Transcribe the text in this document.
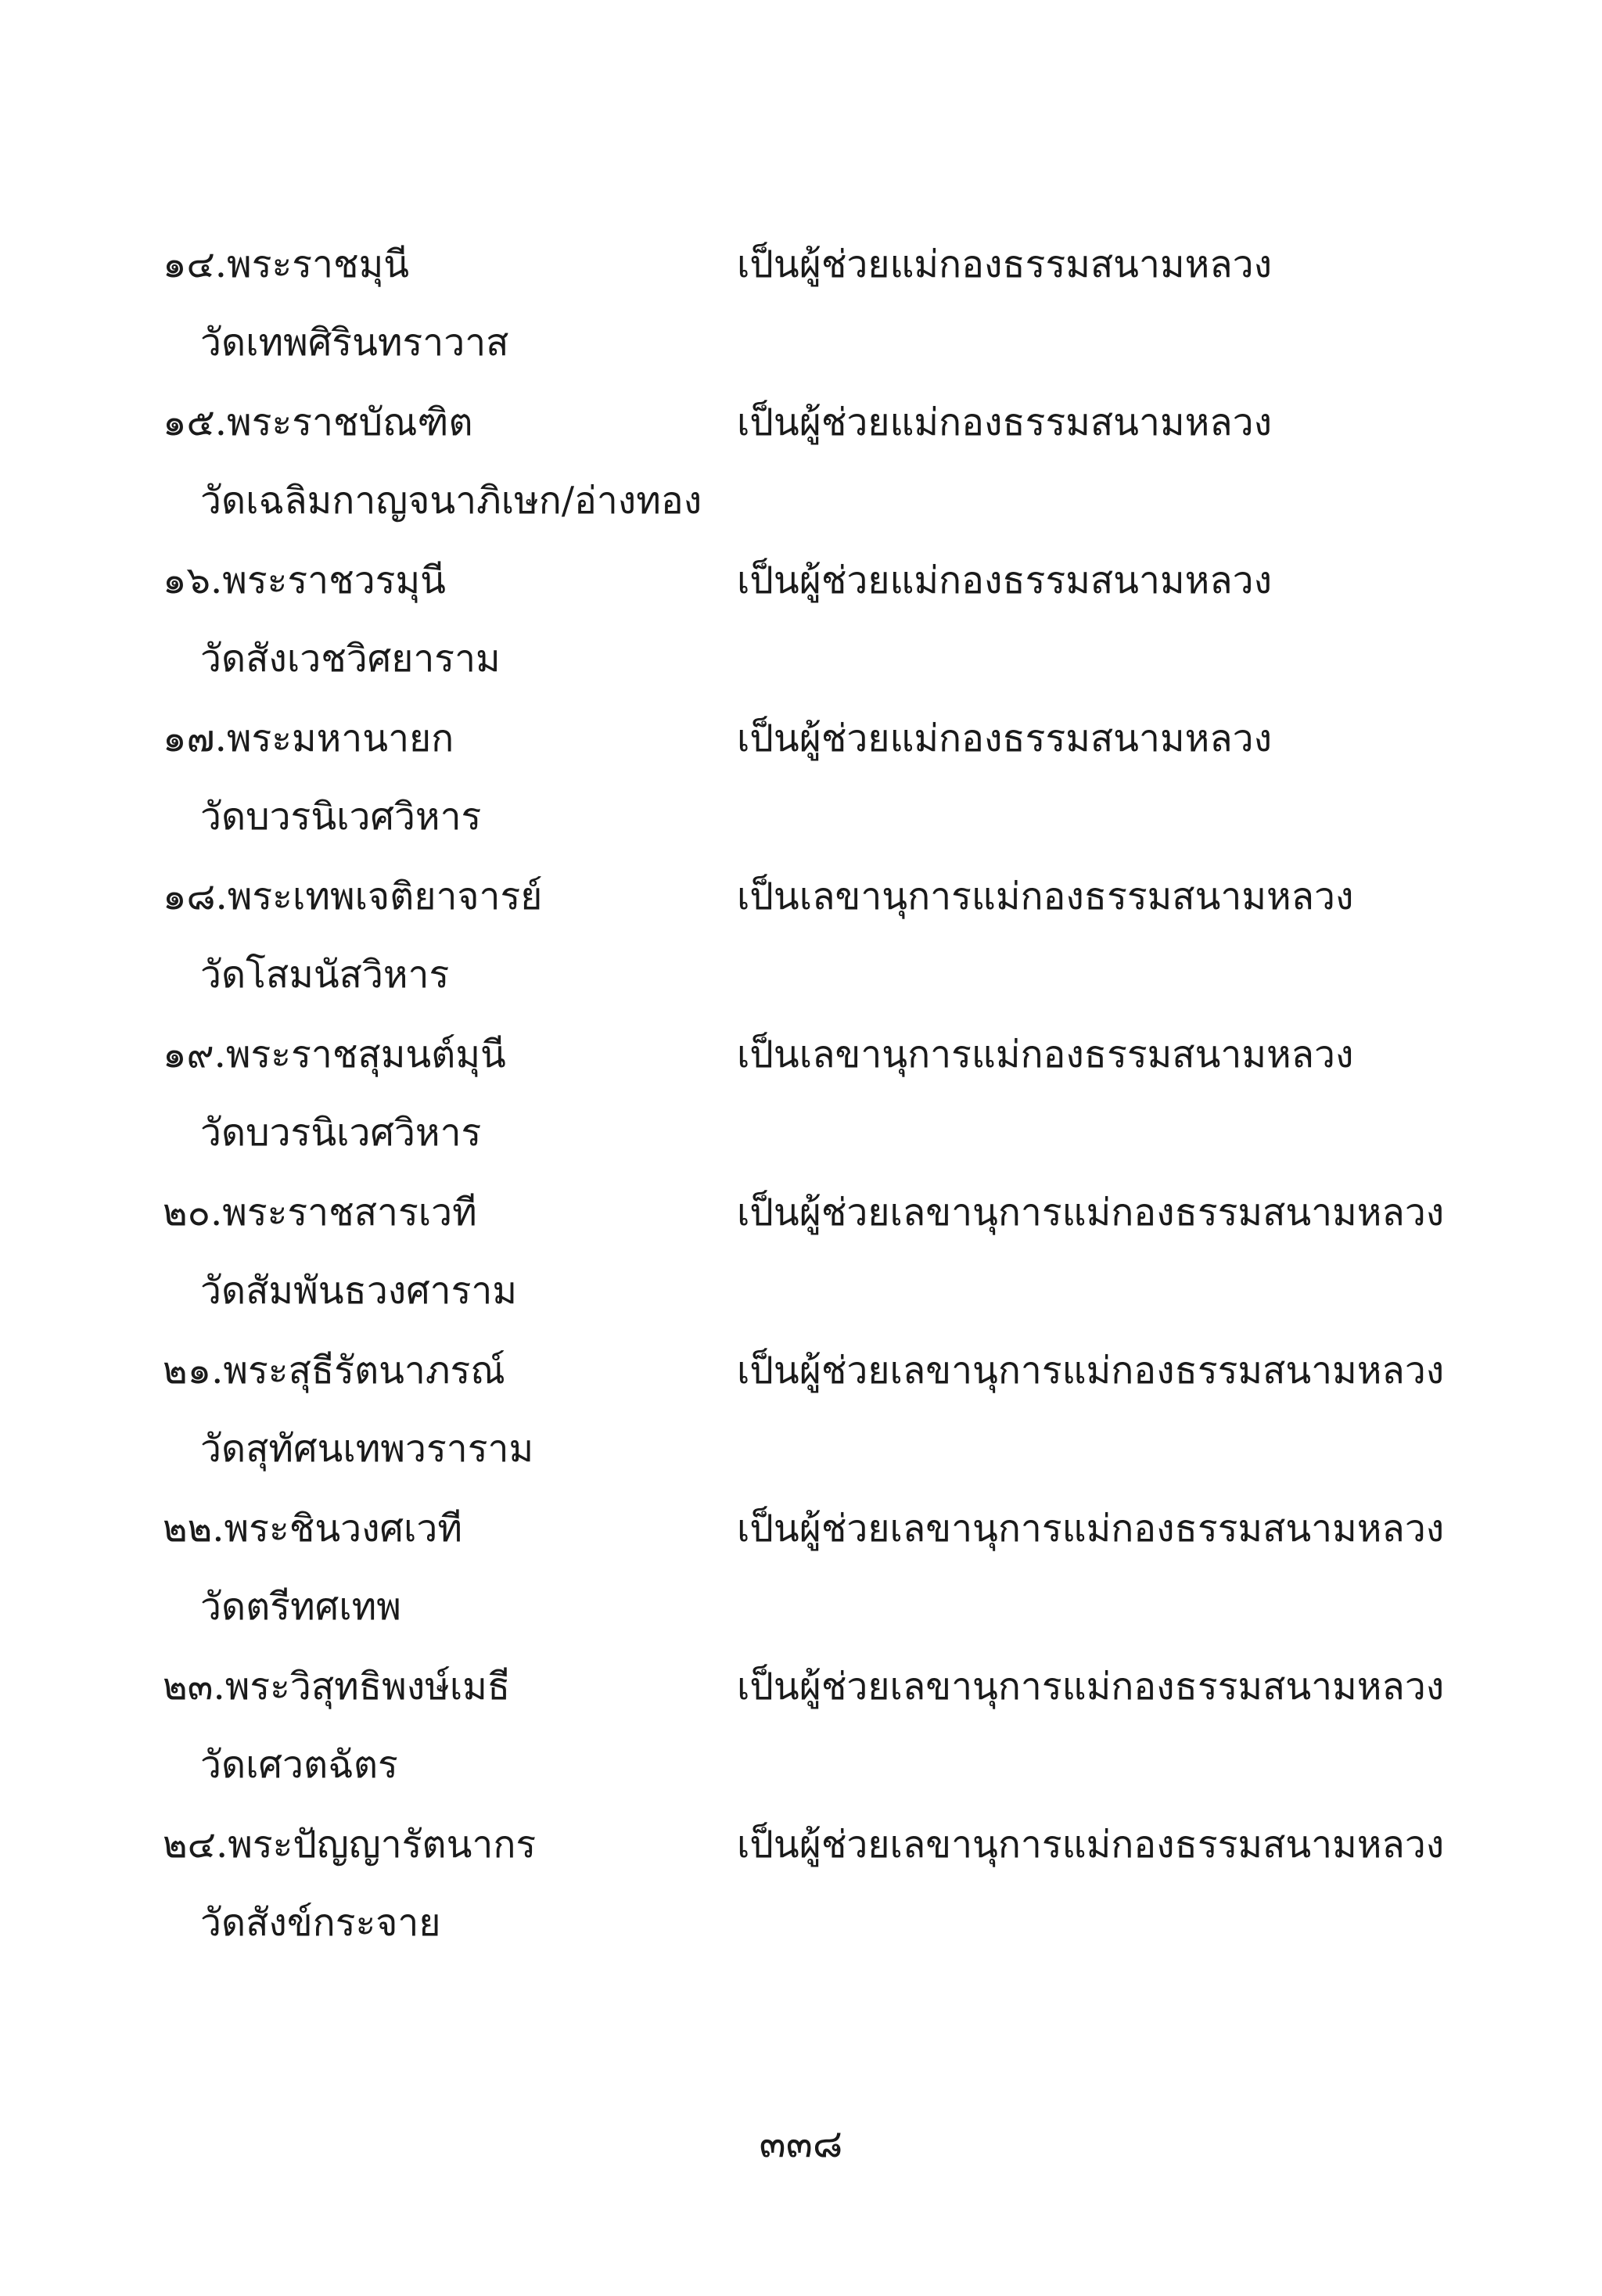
๑๔.พระราชมุนี	เป็นผู้ช่วยแม่กองธรรมสนามหลวง
วัดเทพศิรินทราวาส
๑๕.พระราชบัณฑิต	เป็นผู้ช่วยแม่กองธรรมสนามหลวง
วัดเฉลิมกาญจนาภิเษก/อ่างทอง
๑๖.พระราชวรมุนี	เป็นผู้ช่วยแม่กองธรรมสนามหลวง
วัดสังเวชวิศยาราม
๑๗.พระมหานายก	เป็นผู้ช่วยแม่กองธรรมสนามหลวง
วัดบวรนิเวศวิหาร
๑๘.พระเทพเจติยาจารย์	เป็นเลขานุการแม่กองธรรมสนามหลวง
วัดโสมนัสวิหาร
๑๙.พระราชสุมนต์มุนี	เป็นเลขานุการแม่กองธรรมสนามหลวง
วัดบวรนิเวศวิหาร
๒๐.พระราชสารเวที	เป็นผู้ช่วยเลขานุการแม่กองธรรมสนามหลวง
วัดสัมพันธวงศาราม
๒๑.พระสุธีรัตนาภรณ์	เป็นผู้ช่วยเลขานุการแม่กองธรรมสนามหลวง
วัดสุทัศนเทพวราราม
๒๒.พระชินวงศเวที	เป็นผู้ช่วยเลขานุการแม่กองธรรมสนามหลวง
วัดตรีทศเทพ
๒๓.พระวิสุทธิพงษ์เมธี	เป็นผู้ช่วยเลขานุการแม่กองธรรมสนามหลวง
วัดเศวตฉัตร
๒๔.พระปัญญารัตนากร	เป็นผู้ช่วยเลขานุการแม่กองธรรมสนามหลวง
วัดสังข์กระจาย
๓๓๘
